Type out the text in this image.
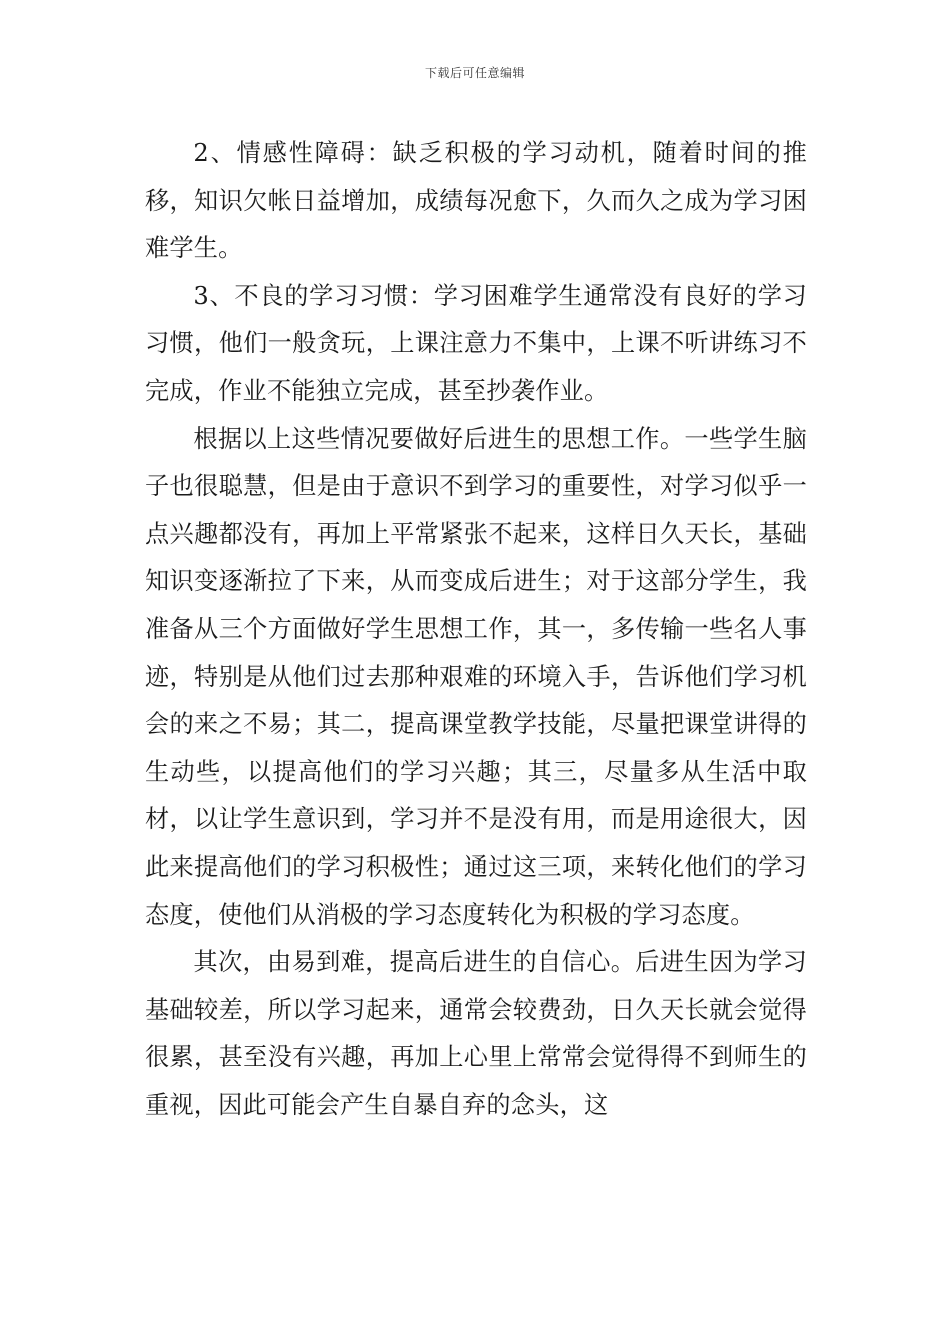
下载后可任意编辑

2、情感性障碍：缺乏积极的学习动机，随着时间的推移，知识欠帐日益增加，成绩每况愈下，久而久之成为学习困难学生。

3、不良的学习习惯：学习困难学生通常没有良好的学习习惯，他们一般贪玩，上课注意力不集中，上课不听讲练习不完成，作业不能独立完成，甚至抄袭作业。

根据以上这些情况要做好后进生的思想工作。一些学生脑子也很聪慧，但是由于意识不到学习的重要性，对学习似乎一点兴趣都没有，再加上平常紧张不起来，这样日久天长，基础知识变逐渐拉了下来，从而变成后进生；对于这部分学生，我准备从三个方面做好学生思想工作，其一，多传输一些名人事迹，特别是从他们过去那种艰难的环境入手，告诉他们学习机会的来之不易；其二，提高课堂教学技能，尽量把课堂讲得的生动些，以提高他们的学习兴趣；其三，尽量多从生活中取材，以让学生意识到，学习并不是没有用，而是用途很大，因此来提高他们的学习积极性；通过这三项，来转化他们的学习态度，使他们从消极的学习态度转化为积极的学习态度。

其次，由易到难，提高后进生的自信心。后进生因为学习基础较差，所以学习起来，通常会较费劲，日久天长就会觉得很累，甚至没有兴趣，再加上心里上常常会觉得得不到师生的重视，因此可能会产生自暴自弃的念头，这
